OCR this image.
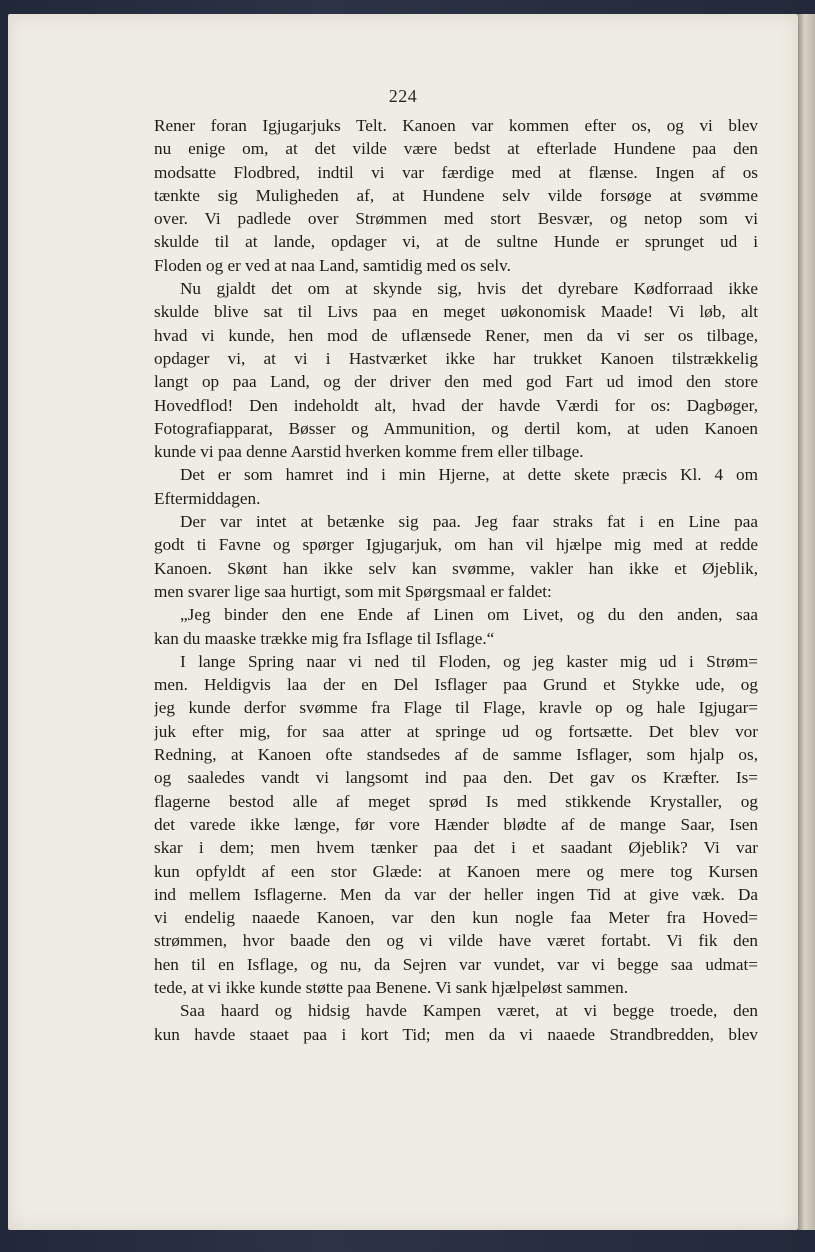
224

Rener foran Igjugarjuks Telt. Kanoen var kommen efter os, og vi blev
nu enige om, at det vilde være bedst at efterlade Hundene paa den
modsatte Flodbred, indtil vi var færdige med at flænse. Ingen af os
tænkte sig Muligheden af, at Hundene selv vilde forsøge at svømme
over. Vi padlede over Strømmen med stort Besvær, og netop som vi
skulde til at lande, opdager vi, at de sultne Hunde er sprunget ud i
Floden og er ved at naa Land, samtidig med os selv.

Nu gjaldt det om at skynde sig, hvis det dyrebare Kødforraad ikke
skulde blive sat til Livs paa en meget uøkonomisk Maade! Vi løb, alt
hvad vi kunde, hen mod de uflænsede Rener, men da vi ser os tilbage,
opdager vi, at vi i Hastværket ikke har trukket Kanoen tilstrækkelig
langt op paa Land, og der driver den med god Fart ud imod den store
Hovedflod! Den indeholdt alt, hvad der havde Værdi for os: Dagbøger,
Fotografiapparat, Bøsser og Ammunition, og dertil kom, at uden Kanoen
kunde vi paa denne Aarstid hverken komme frem eller tilbage.

Det er som hamret ind i min Hjerne, at dette skete præcis Kl. 4 om
Eftermiddagen.

Der var intet at betænke sig paa. Jeg faar straks fat i en Line paa
godt ti Favne og spørger Igjugarjuk, om han vil hjælpe mig med at redde
Kanoen. Skønt han ikke selv kan svømme, vakler han ikke et Øjeblik,
men svarer lige saa hurtigt, som mit Spørgsmaal er faldet:

„Jeg binder den ene Ende af Linen om Livet, og du den anden, saa
kan du maaske trække mig fra Isflage til Isflage.“

I lange Spring naar vi ned til Floden, og jeg kaster mig ud i Strøm=
men. Heldigvis laa der en Del Isflager paa Grund et Stykke ude, og
jeg kunde derfor svømme fra Flage til Flage, kravle op og hale Igjugar=
juk efter mig, for saa atter at springe ud og fortsætte. Det blev vor
Redning, at Kanoen ofte standsedes af de samme Isflager, som hjalp os,
og saaledes vandt vi langsomt ind paa den. Det gav os Kræfter. Is=
flagerne bestod alle af meget sprød Is med stikkende Krystaller, og
det varede ikke længe, før vore Hænder blødte af de mange Saar, Isen
skar i dem; men hvem tænker paa det i et saadant Øjeblik? Vi var
kun opfyldt af een stor Glæde: at Kanoen mere og mere tog Kursen
ind mellem Isflagerne. Men da var der heller ingen Tid at give væk. Da
vi endelig naaede Kanoen, var den kun nogle faa Meter fra Hoved=
strømmen, hvor baade den og vi vilde have været fortabt. Vi fik den
hen til en Isflage, og nu, da Sejren var vundet, var vi begge saa udmat=
tede, at vi ikke kunde støtte paa Benene. Vi sank hjælpeløst sammen.

Saa haard og hidsig havde Kampen været, at vi begge troede, den
kun havde staaet paa i kort Tid; men da vi naaede Strandbredden, blev
